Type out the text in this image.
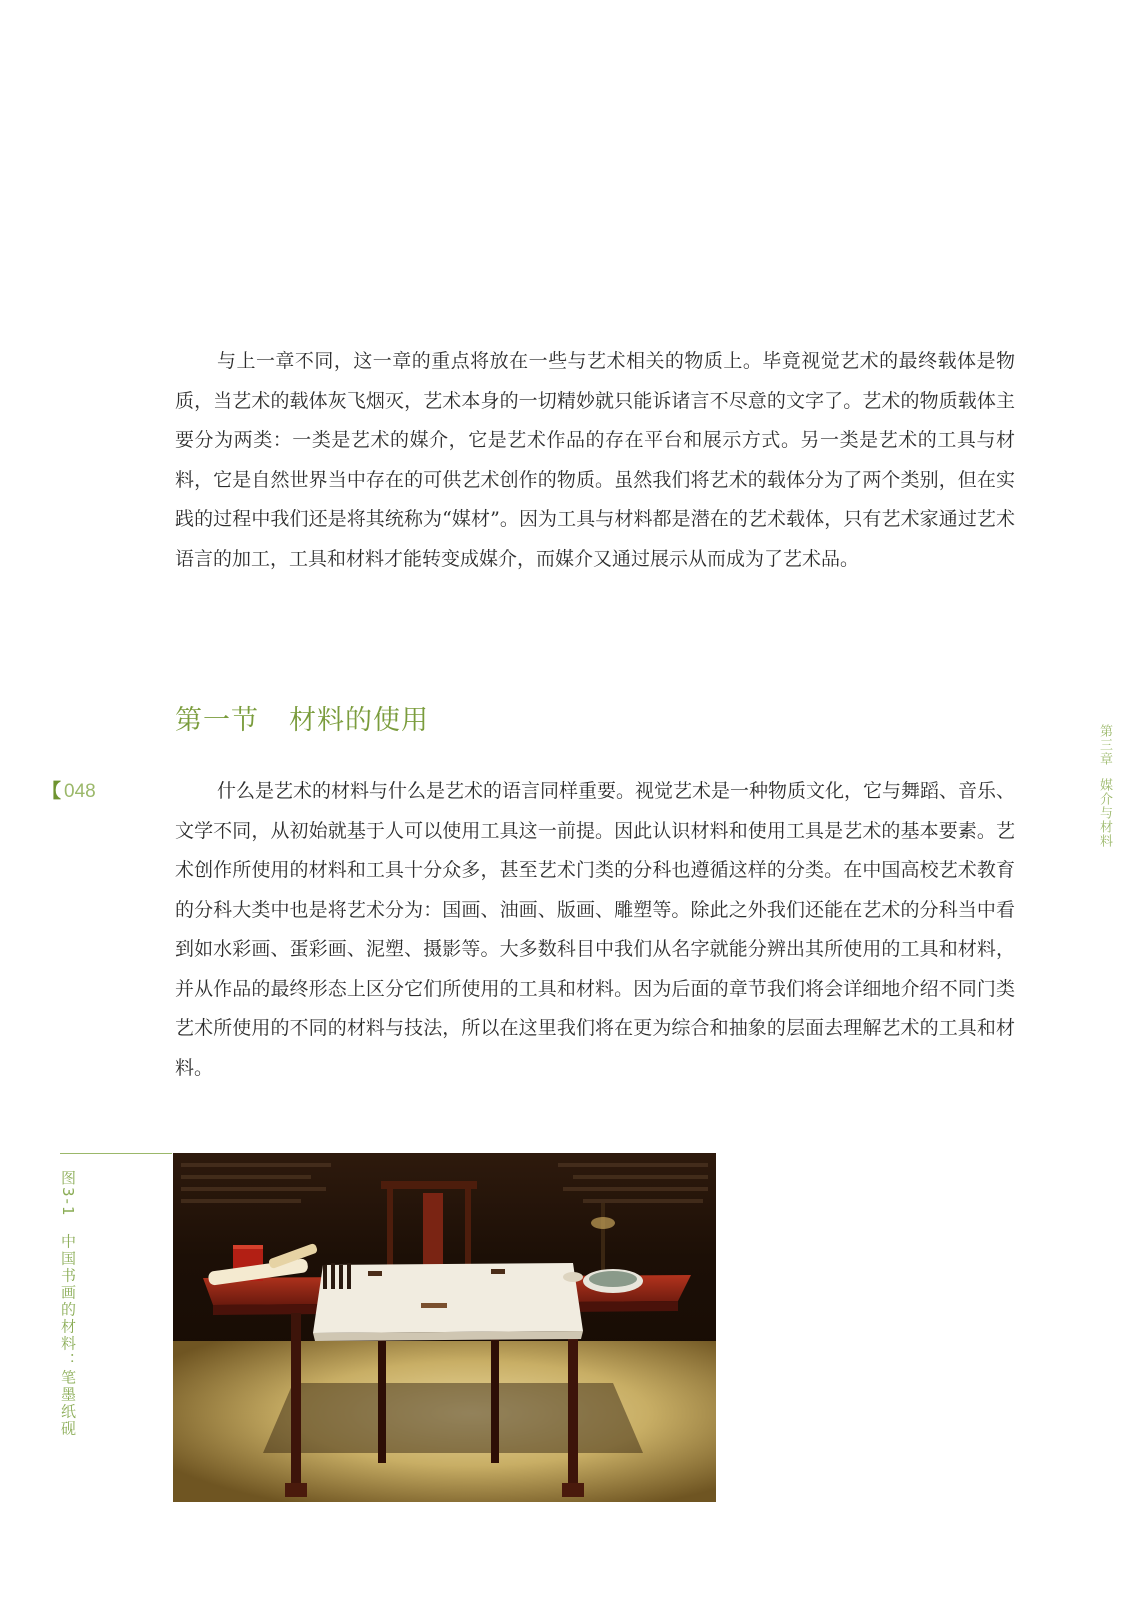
与上一章不同，这一章的重点将放在一些与艺术相关的物质上。毕竟视觉艺术的最终载体是物质，当艺术的载体灰飞烟灭，艺术本身的一切精妙就只能诉诸言不尽意的文字了。艺术的物质载体主要分为两类：一类是艺术的媒介，它是艺术作品的存在平台和展示方式。另一类是艺术的工具与材料，它是自然世界当中存在的可供艺术创作的物质。虽然我们将艺术的载体分为了两个类别，但在实践的过程中我们还是将其统称为“媒材”。因为工具与材料都是潜在的艺术载体，只有艺术家通过艺术语言的加工，工具和材料才能转变成媒介，而媒介又通过展示从而成为了艺术品。

第一节 材料的使用
【 048
第三章媒介与材料

什么是艺术的材料与什么是艺术的语言同样重要。视觉艺术是一种物质文化，它与舞蹈、音乐、文学不同，从初始就基于人可以使用工具这一前提。因此认识材料和使用工具是艺术的基本要素。艺术创作所使用的材料和工具十分众多，甚至艺术门类的分科也遵循这样的分类。在中国高校艺术教育的分科大类中也是将艺术分为：国画、油画、版画、雕塑等。除此之外我们还能在艺术的分科当中看到如水彩画、蛋彩画、泥塑、摄影等。大多数科目中我们从名字就能分辨出其所使用的工具和材料，并从作品的最终形态上区分它们所使用的工具和材料。因为后面的章节我们将会详细地介绍不同门类艺术所使用的不同的材料与技法，所以在这里我们将在更为综合和抽象的层面去理解艺术的工具和材料。

图3-1中国书画的材料：笔墨纸砚
